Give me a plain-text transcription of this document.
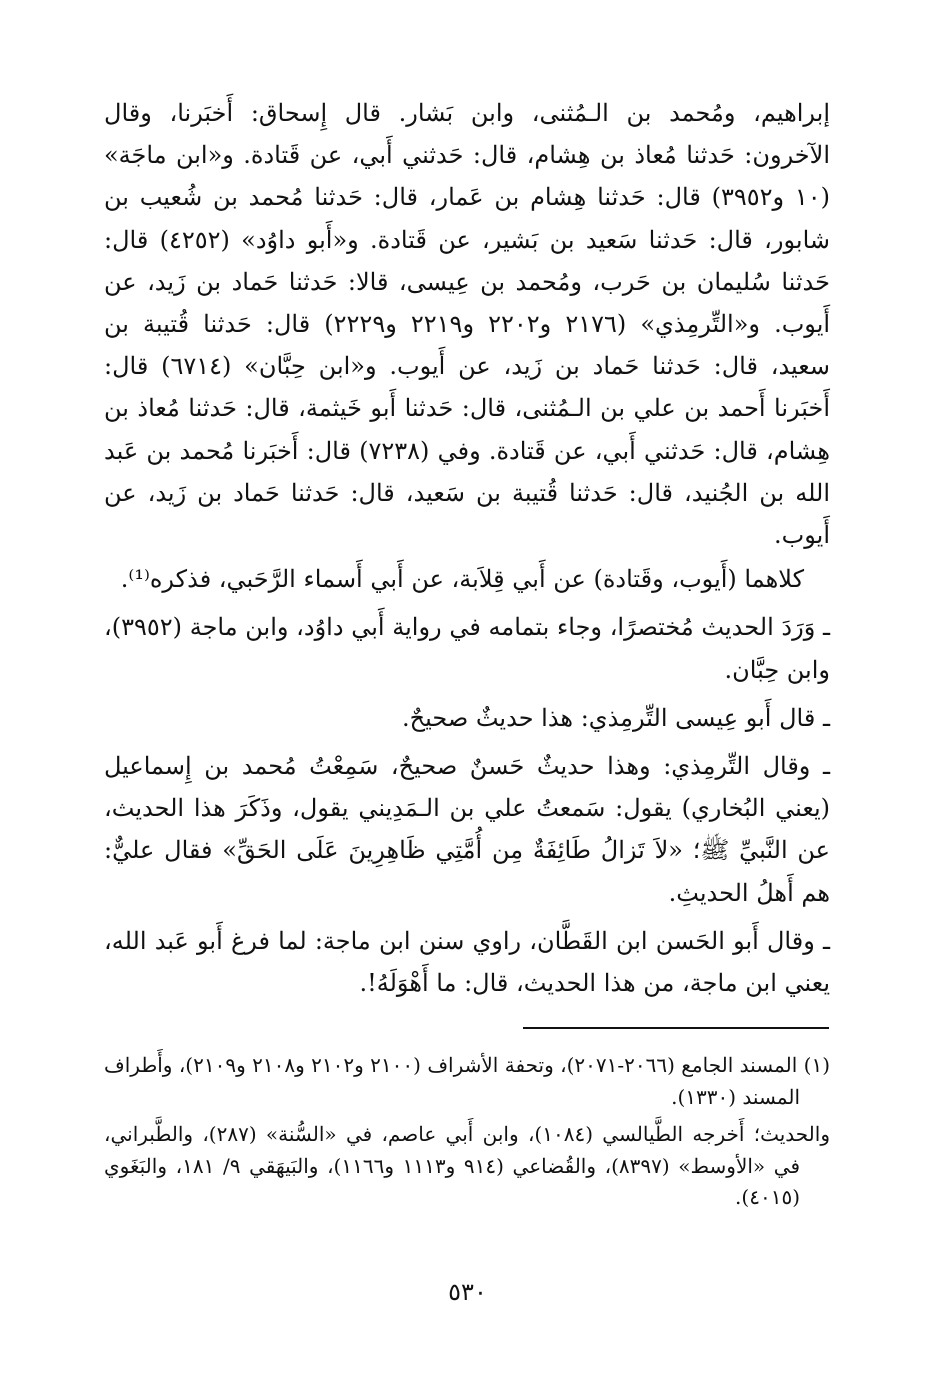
إبراهيم، ومُحمد بن الـمُثنى، وابن بَشار. قال إِسحاق: أَخبَرنا، وقال الآخرون: حَدثنا مُعاذ بن هِشام، قال: حَدثني أَبي، عن قَتادة. و«ابن ماجَة» (١٠ و٣٩٥٢) قال: حَدثنا هِشام بن عَمار، قال: حَدثنا مُحمد بن شُعيب بن شابور، قال: حَدثنا سَعيد بن بَشير، عن قَتادة. و«أَبو داوُد» (٤٢٥٢) قال: حَدثنا سُليمان بن حَرب، ومُحمد بن عِيسى، قالا: حَدثنا حَماد بن زَيد، عن أَيوب. و«التِّرمِذي» (٢١٧٦ و٢٢٠٢ و٢٢١٩ و٢٢٢٩) قال: حَدثنا قُتيبة بن سعيد، قال: حَدثنا حَماد بن زَيد، عن أَيوب. و«ابن حِبَّان» (٦٧١٤) قال: أَخبَرنا أَحمد بن علي بن الـمُثنى، قال: حَدثنا أَبو خَيثمة، قال: حَدثنا مُعاذ بن هِشام، قال: حَدثني أَبي، عن قَتادة. وفي (٧٢٣٨) قال: أَخبَرنا مُحمد بن عَبد الله بن الجُنيد، قال: حَدثنا قُتيبة بن سَعيد، قال: حَدثنا حَماد بن زَيد، عن أَيوب.

كلاهما (أَيوب، وقَتادة) عن أَبي قِلاَبة، عن أَبي أَسماء الرَّحَبي، فذكره⁽¹⁾.

ـ وَرَدَ الحديث مُختصرًا، وجاء بتمامه في رواية أَبي داوُد، وابن ماجة (٣٩٥٢)، وابن حِبَّان.

ـ قال أَبو عِيسى التِّرمِذي: هذا حديثٌ صحيحٌ.

ـ وقال التِّرمِذي: وهذا حديثٌ حَسنٌ صحيحٌ، سَمِعْتُ مُحمد بن إِسماعيل (يعني البُخاري) يقول: سَمعتُ علي بن الـمَدِيني يقول، وذَكَرَ هذا الحديث، عن النَّبيِّ ﷺ؛ «لاَ تَزالُ طَائِفَةٌ مِن أُمَّتِي ظَاهِرِينَ عَلَى الحَقِّ» فقال عليٌّ: هم أَهلُ الحديثِ.

ـ وقال أَبو الحَسن ابن القَطَّان، راوي سنن ابن ماجة: لما فرغ أَبو عَبد الله، يعني ابن ماجة، من هذا الحديث، قال: ما أَهْوَلَهُ!.

(١) المسند الجامع (٢٠٦٦-٢٠٧١)، وتحفة الأشراف (٢١٠٠ و٢١٠٢ و٢١٠٨ و٢١٠٩)، وأَطراف المسند (١٣٣٠).

والحديث؛ أَخرجه الطَّيالسي (١٠٨٤)، وابن أَبي عاصم، في «السُّنة» (٢٨٧)، والطَّبراني، في «الأوسط» (٨٣٩٧)، والقُضاعي (٩١٤ و١١١٣ و١١٦٦)، والبَيهَقي ٩/ ١٨١، والبَغَوي (٤٠١٥).

٥٣٠
